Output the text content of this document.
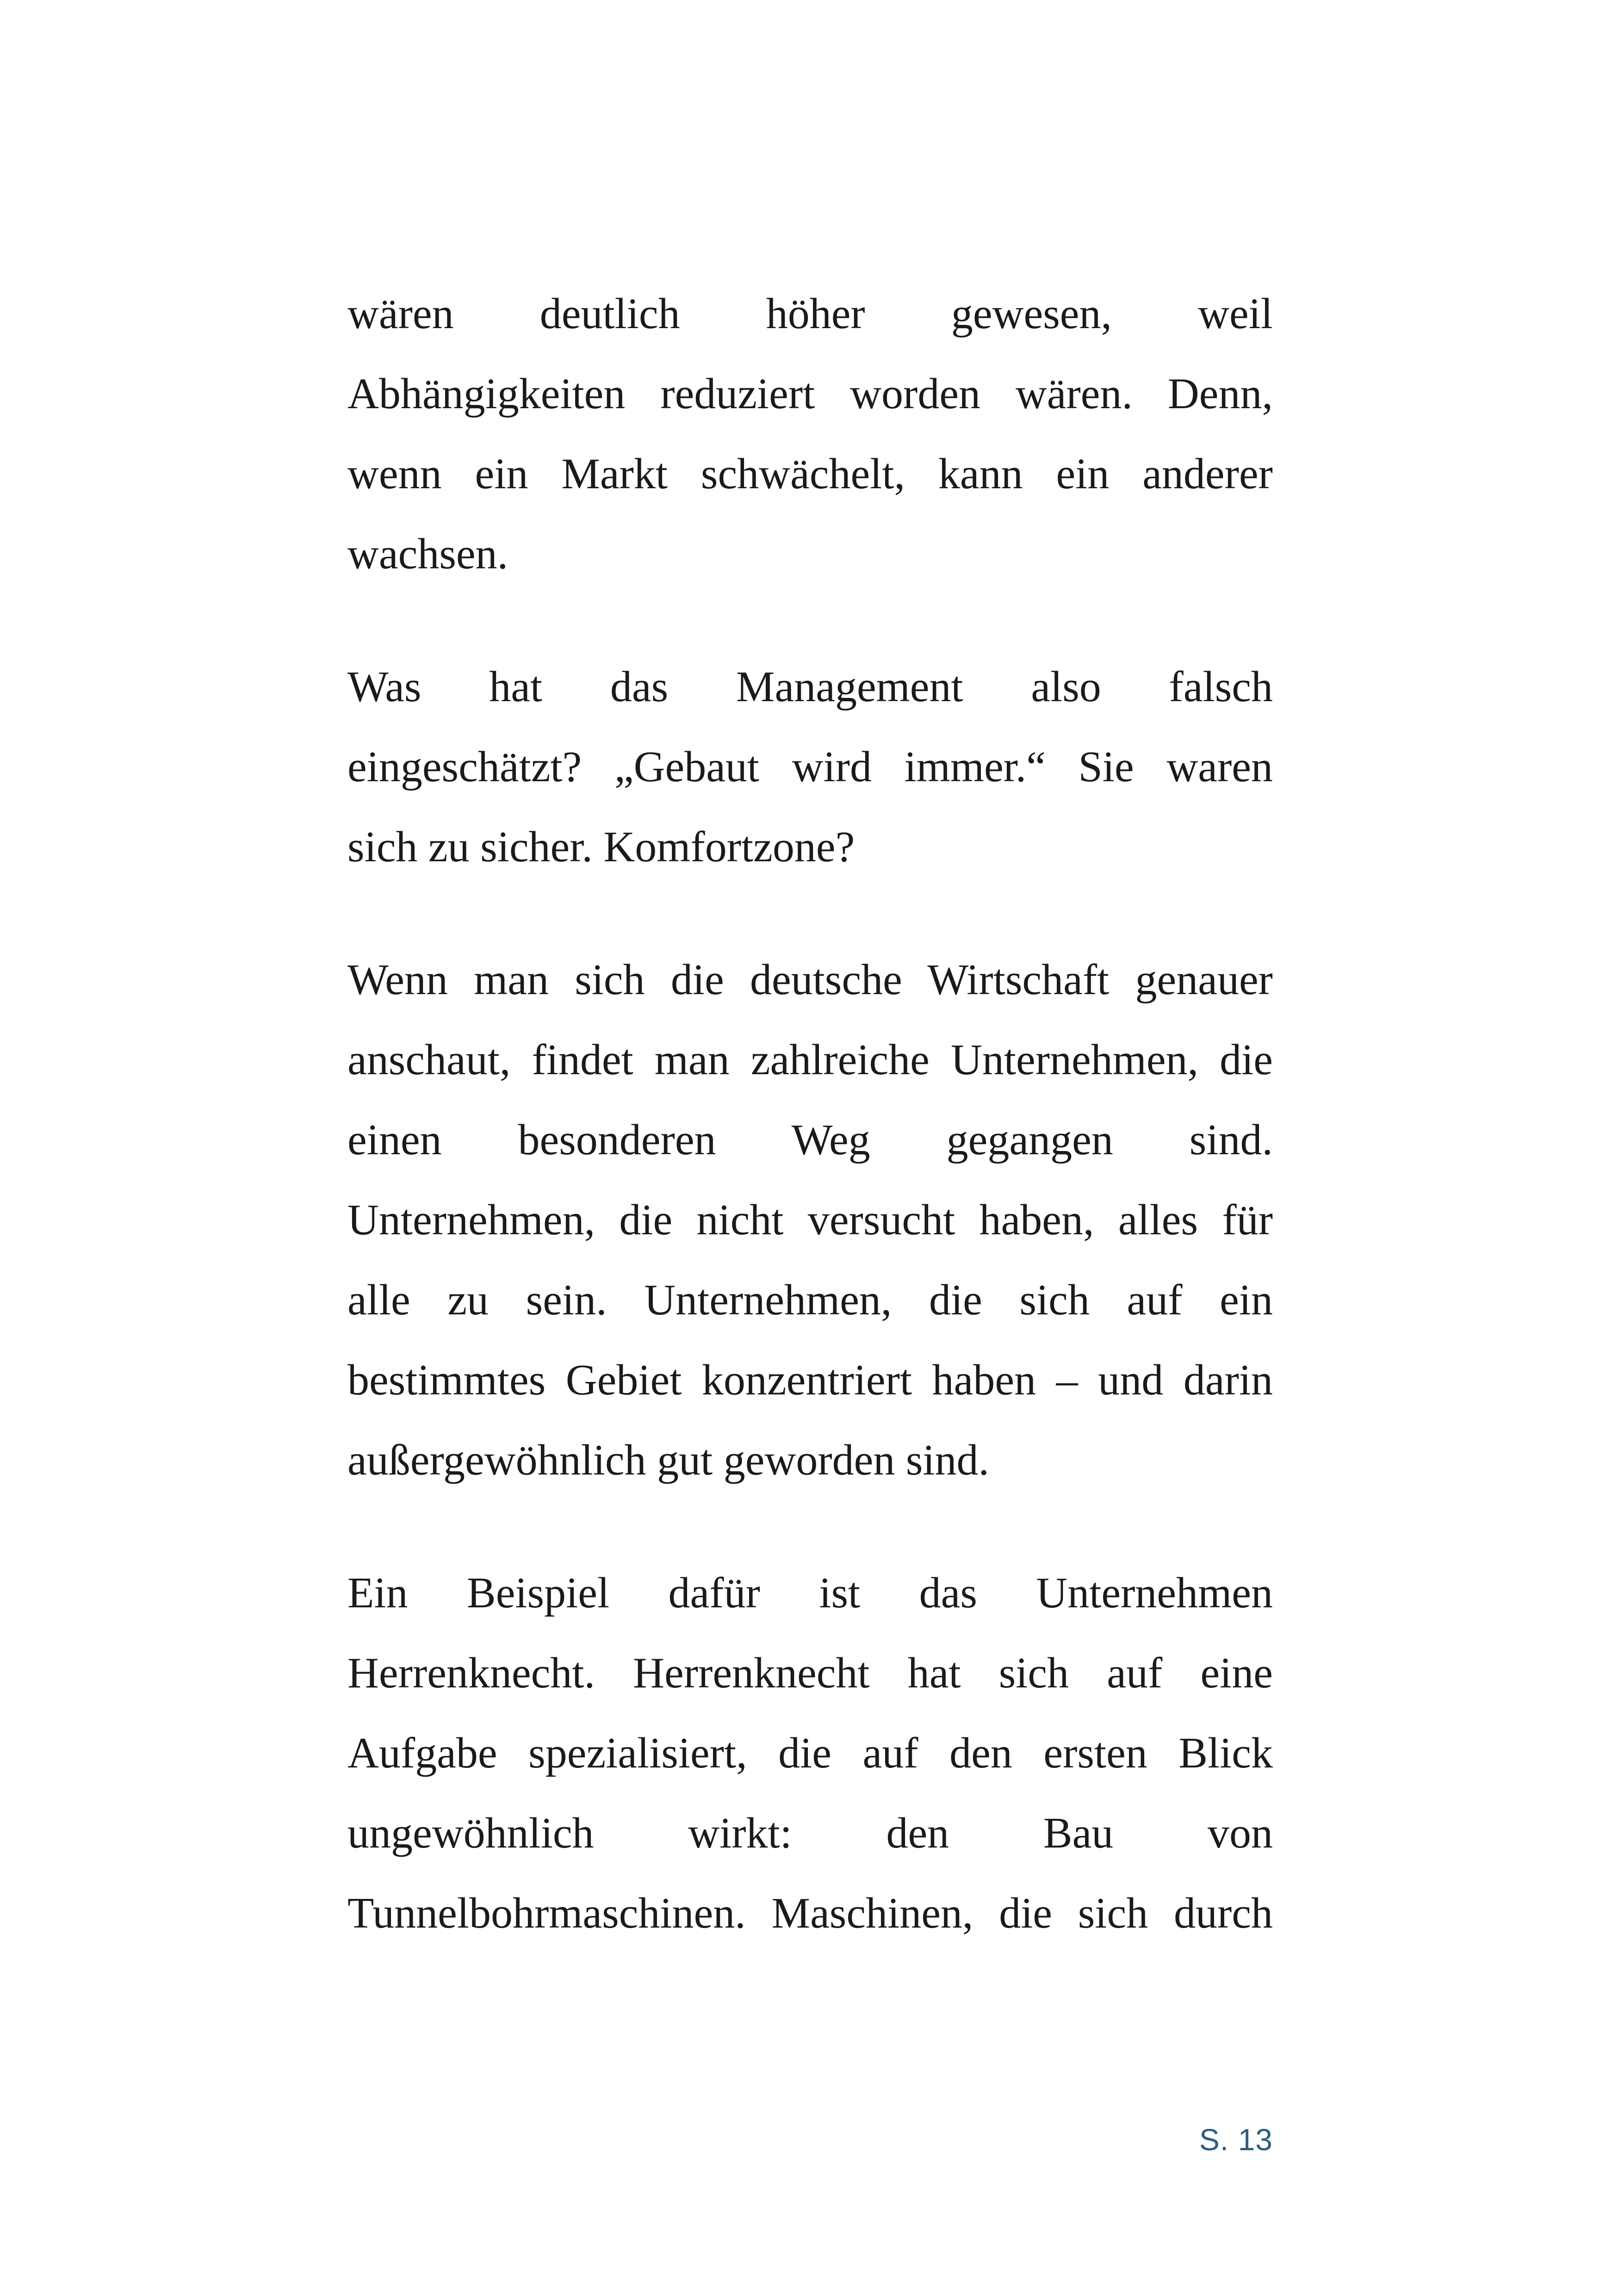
wären deutlich höher gewesen, weil
Abhängigkeiten reduziert worden wären. Denn,
wenn ein Markt schwächelt, kann ein anderer
wachsen.

Was hat das Management also falsch
eingeschätzt? „Gebaut wird immer.“ Sie waren
sich zu sicher. Komfortzone?

Wenn man sich die deutsche Wirtschaft genauer
anschaut, findet man zahlreiche Unternehmen, die
einen besonderen Weg gegangen sind.
Unternehmen, die nicht versucht haben, alles für
alle zu sein. Unternehmen, die sich auf ein
bestimmtes Gebiet konzentriert haben – und darin
außergewöhnlich gut geworden sind.

Ein Beispiel dafür ist das Unternehmen
Herrenknecht. Herrenknecht hat sich auf eine
Aufgabe spezialisiert, die auf den ersten Blick
ungewöhnlich wirkt: den Bau von
Tunnelbohrmaschinen. Maschinen, die sich durch

S. 13
